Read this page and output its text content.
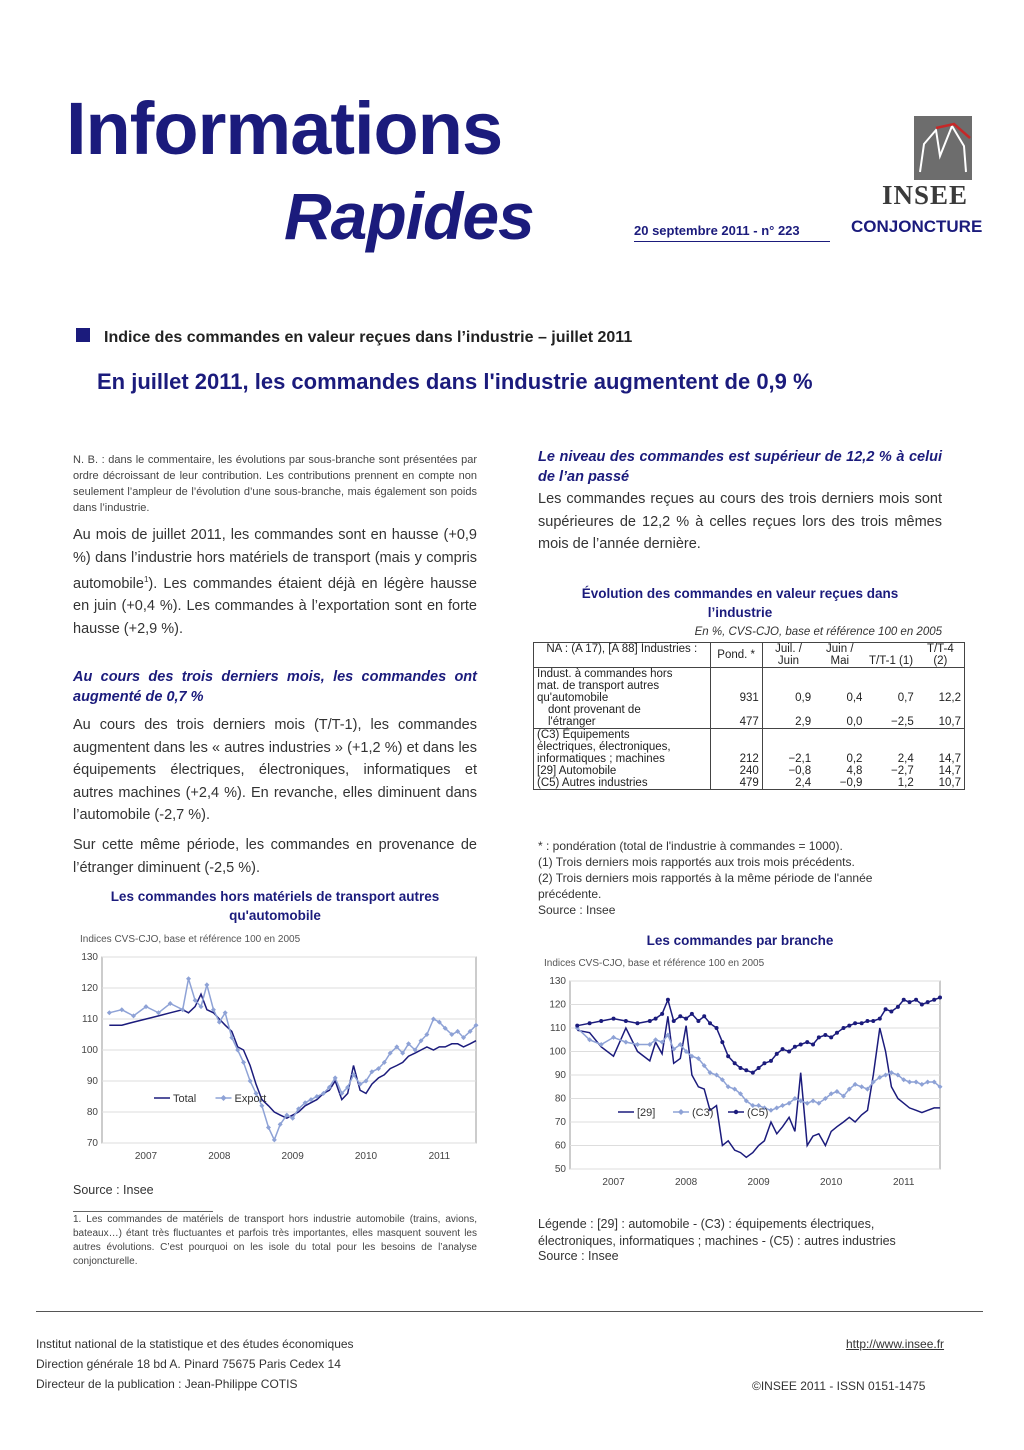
Informations
Rapides	20 septembre 2011 - n° 223
INSEE
CONJONCTURE
Indice des commandes en valeur reçues dans l’industrie – juillet 2011
En juillet 2011, les commandes dans l'industrie augmentent de 0,9 %
N. B. : dans le commentaire, les évolutions par sous-branche sont présentées par ordre décroissant de leur contribution. Les contributions prennent en compte non seulement l’ampleur de l’évolution d’une sous-branche, mais également son poids dans l’industrie.
Au mois de juillet 2011, les commandes sont en hausse (+0,9 %) dans l’industrie hors matériels de transport (mais y compris automobile$^1$). Les commandes étaient déjà en légère hausse en juin (+0,4 %). Les commandes à l’exportation sont en forte hausse (+2,9 %).
Au cours des trois derniers mois, les commandes ont augmenté de 0,7 %
Au cours des trois derniers mois (T/T-1), les commandes augmentent dans les « autres industries » (+1,2 %) et dans les équipements électriques, électroniques, informatiques et autres machines (+2,4 %). En revanche, elles diminuent dans l’automobile (-2,7 %).
Sur cette même période, les commandes en provenance de l’étranger diminuent (-2,5 %).
Les commandes hors matériels de transport autres qu'automobile
Indices CVS-CJO, base et référence 100 en 2005
70
80
90
100
110
120
130
2007	2008	2009	2010	2011
Total	Export
Source : Insee
1. Les commandes de matériels de transport hors industrie automobile (trains, avions, bateaux…) étant très fluctuantes et parfois très importantes, elles masquent souvent les autres évolutions. C’est pourquoi on les isole du total pour les besoins de l’analyse conjoncturelle.
Le niveau des commandes est supérieur de 12,2 % à celui de l’an passé
Les commandes reçues au cours des trois derniers mois sont supérieures de 12,2 % à celles reçues lors des trois mêmes mois de l’année dernière.
Évolution des commandes en valeur reçues dans l’industrie
En %, CVS-CJO, base et référence 100 en 2005
NA : (A 17), [A 88] Industries :	Pond. *	Juil. / Juin	Juin / Mai	T/T-1 (1)	T/T-4 (2)
Indust. à commandes hors mat. de transport autres qu'automobile	931	0,9	0,4	0,7	12,2
dont provenant de l'étranger	477	2,9	0,0	−2,5	10,7
(C3) Équipements électriques, électroniques, informatiques ; machines	212	−2,1	0,2	2,4	14,7
[29] Automobile	240	−0,8	4,8	−2,7	14,7
(C5) Autres industries	479	2,4	−0,9	1,2	10,7
* : pondération (total de l'industrie à commandes = 1000).
(1) Trois derniers mois rapportés aux trois mois précédents.
(2) Trois derniers mois rapportés à la même période de l'année précédente.
Source : Insee
Les commandes par branche
Indices CVS-CJO, base et référence 100 en 2005
50
60
70
80
90
100
110
120
130
2007	2008	2009	2010	2011
[29]	(C3)	(C5)
Légende : [29] : automobile - (C3) : équipements électriques, électroniques, informatiques ; machines - (C5) : autres industries
Source : Insee
Institut national de la statistique et des études économiques
Direction générale 18 bd A. Pinard 75675 Paris Cedex 14
Directeur de la publication : Jean-Philippe COTIS
http://www.insee.fr
©INSEE 2011 - ISSN 0151-1475
